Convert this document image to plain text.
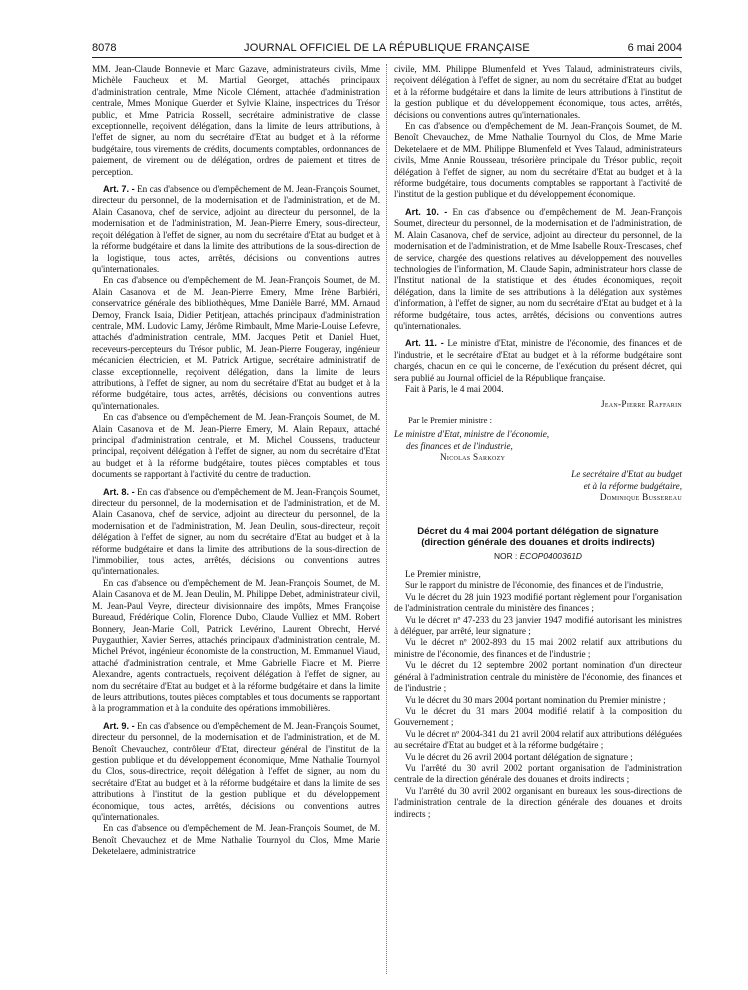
8078	JOURNAL OFFICIEL DE LA RÉPUBLIQUE FRANÇAISE	6 mai 2004

MM. Jean-Claude Bonnevie et Marc Gazave, administrateurs civils, Mme Michèle Faucheux et M. Martial Georget, attachés principaux d'administration centrale, Mme Nicole Clément, attachée d'administration centrale, Mmes Monique Guerder et Sylvie Klaine, inspectrices du Trésor public, et Mme Patricia Rossell, secrétaire administrative de classe exceptionnelle, reçoivent délégation, dans la limite de leurs attributions, à l'effet de signer, au nom du secrétaire d'Etat au budget et à la réforme budgétaire, tous virements de crédits, documents comptables, ordonnances de paiement, de virement ou de délégation, ordres de paiement et titres de perception.

Art. 7. - En cas d'absence ou d'empêchement de M. Jean-François Soumet, directeur du personnel, de la modernisation et de l'administration, et de M. Alain Casanova, chef de service, adjoint au directeur du personnel, de la modernisation et de l'administration, M. Jean-Pierre Emery, sous-directeur, reçoit délégation à l'effet de signer, au nom du secrétaire d'Etat au budget et à la réforme budgétaire et dans la limite des attributions de la sous-direction de la logistique, tous actes, arrêtés, décisions ou conventions autres qu'internationales.

En cas d'absence ou d'empêchement de M. Jean-François Soumet, de M. Alain Casanova et de M. Jean-Pierre Emery, Mme Irène Barbiéri, conservatrice générale des bibliothèques, Mme Danièle Barré, MM. Arnaud Demoy, Franck Isaia, Didier Petitjean, attachés principaux d'administration centrale, MM. Ludovic Lamy, Jérôme Rimbault, Mme Marie-Louise Lefevre, attachés d'administration centrale, MM. Jacques Petit et Daniel Huet, receveurs-percepteurs du Trésor public, M. Jean-Pierre Fougeray, ingénieur mécanicien électricien, et M. Patrick Artigue, secrétaire administratif de classe exceptionnelle, reçoivent délégation, dans la limite de leurs attributions, à l'effet de signer, au nom du secrétaire d'Etat au budget et à la réforme budgétaire, tous actes, arrêtés, décisions ou conventions autres qu'internationales.

En cas d'absence ou d'empêchement de M. Jean-François Soumet, de M. Alain Casanova et de M. Jean-Pierre Emery, M. Alain Repaux, attaché principal d'administration centrale, et M. Michel Coussens, traducteur principal, reçoivent délégation à l'effet de signer, au nom du secrétaire d'Etat au budget et à la réforme budgétaire, toutes pièces comptables et tous documents se rapportant à l'activité du centre de traduction.

Art. 8. - En cas d'absence ou d'empêchement de M. Jean-François Soumet, directeur du personnel, de la modernisation et de l'administration, et de M. Alain Casanova, chef de service, adjoint au directeur du personnel, de la modernisation et de l'administration, M. Jean Deulin, sous-directeur, reçoit délégation à l'effet de signer, au nom du secrétaire d'Etat au budget et à la réforme budgétaire et dans la limite des attributions de la sous-direction de l'immobilier, tous actes, arrêtés, décisions ou conventions autres qu'internationales.

En cas d'absence ou d'empêchement de M. Jean-François Soumet, de M. Alain Casanova et de M. Jean Deulin, M. Philippe Debet, administrateur civil, M. Jean-Paul Veyre, directeur divisionnaire des impôts, Mmes Françoise Bureaud, Frédérique Colin, Florence Dubo, Claude Vulliez et MM. Robert Bonnery, Jean-Marie Coll, Patrick Levérino, Laurent Obrecht, Hervé Puygauthier, Xavier Serres, attachés principaux d'administration centrale, M. Michel Prévot, ingénieur économiste de la construction, M. Emmanuel Viaud, attaché d'administration centrale, et Mme Gabrielle Fiacre et M. Pierre Alexandre, agents contractuels, reçoivent délégation à l'effet de signer, au nom du secrétaire d'Etat au budget et à la réforme budgétaire et dans la limite de leurs attributions, toutes pièces comptables et tous documents se rapportant à la programmation et à la conduite des opérations immobilières.

Art. 9. - En cas d'absence ou d'empêchement de M. Jean-François Soumet, directeur du personnel, de la modernisation et de l'administration, et de M. Benoît Chevauchez, contrôleur d'Etat, directeur général de l'institut de la gestion publique et du développement économique, Mme Nathalie Tournyol du Clos, sous-directrice, reçoit délégation à l'effet de signer, au nom du secrétaire d'Etat au budget et à la réforme budgétaire et dans la limite de ses attributions à l'institut de la gestion publique et du développement économique, tous actes, arrêtés, décisions ou conventions autres qu'internationales.

En cas d'absence ou d'empêchement de M. Jean-François Soumet, de M. Benoît Chevauchez et de Mme Nathalie Tournyol du Clos, Mme Marie Deketelaere, administratrice

civile, MM. Philippe Blumenfeld et Yves Talaud, administrateurs civils, reçoivent délégation à l'effet de signer, au nom du secrétaire d'Etat au budget et à la réforme budgétaire et dans la limite de leurs attributions à l'institut de la gestion publique et du développement économique, tous actes, arrêtés, décisions ou conventions autres qu'internationales.

En cas d'absence ou d'empêchement de M. Jean-François Soumet, de M. Benoît Chevauchez, de Mme Nathalie Tournyol du Clos, de Mme Marie Deketelaere et de MM. Philippe Blumenfeld et Yves Talaud, administrateurs civils, Mme Annie Rousseau, trésorière principale du Trésor public, reçoit délégation à l'effet de signer, au nom du secrétaire d'Etat au budget et à la réforme budgétaire, tous documents comptables se rapportant à l'activité de l'institut de la gestion publique et du développement économique.

Art. 10. - En cas d'absence ou d'empêchement de M. Jean-François Soumet, directeur du personnel, de la modernisation et de l'administration, de M. Alain Casanova, chef de service, adjoint au directeur du personnel, de la modernisation et de l'administration, et de Mme Isabelle Roux-Trescases, chef de service, chargée des questions relatives au développement des nouvelles technologies de l'information, M. Claude Sapin, administrateur hors classe de l'Institut national de la statistique et des études économiques, reçoit délégation, dans la limite de ses attributions à la délégation aux systèmes d'information, à l'effet de signer, au nom du secrétaire d'Etat au budget et à la réforme budgétaire, tous actes, arrêtés, décisions ou conventions autres qu'internationales.

Art. 11. - Le ministre d'Etat, ministre de l'économie, des finances et de l'industrie, et le secrétaire d'Etat au budget et à la réforme budgétaire sont chargés, chacun en ce qui le concerne, de l'exécution du présent décret, qui sera publié au Journal officiel de la République française.

Fait à Paris, le 4 mai 2004.

Jean-Pierre Raffarin
Par le Premier ministre :
Le ministre d'Etat, ministre de l'économie,
des finances et de l'industrie,
Nicolas Sarkozy
Le secrétaire d'Etat au budget
et à la réforme budgétaire,
Dominique Bussereau
Décret du 4 mai 2004 portant délégation de signature
(direction générale des douanes et droits indirects)
NOR : ECOP0400361D

Le Premier ministre,

Sur le rapport du ministre de l'économie, des finances et de l'industrie,

Vu le décret du 28 juin 1923 modifié portant règlement pour l'organisation de l'administration centrale du ministère des finances ;

Vu le décret nº 47-233 du 23 janvier 1947 modifié autorisant les ministres à déléguer, par arrêté, leur signature ;

Vu le décret nº 2002-893 du 15 mai 2002 relatif aux attributions du ministre de l'économie, des finances et de l'industrie ;

Vu le décret du 12 septembre 2002 portant nomination d'un directeur général à l'administration centrale du ministère de l'économie, des finances et de l'industrie ;

Vu le décret du 30 mars 2004 portant nomination du Premier ministre ;

Vu le décret du 31 mars 2004 modifié relatif à la composition du Gouvernement ;

Vu le décret nº 2004-341 du 21 avril 2004 relatif aux attributions déléguées au secrétaire d'Etat au budget et à la réforme budgétaire ;

Vu le décret du 26 avril 2004 portant délégation de signature ;

Vu l'arrêté du 30 avril 2002 portant organisation de l'administration centrale de la direction générale des douanes et droits indirects ;

Vu l'arrêté du 30 avril 2002 organisant en bureaux les sous-directions de l'administration centrale de la direction générale des douanes et droits indirects ;
